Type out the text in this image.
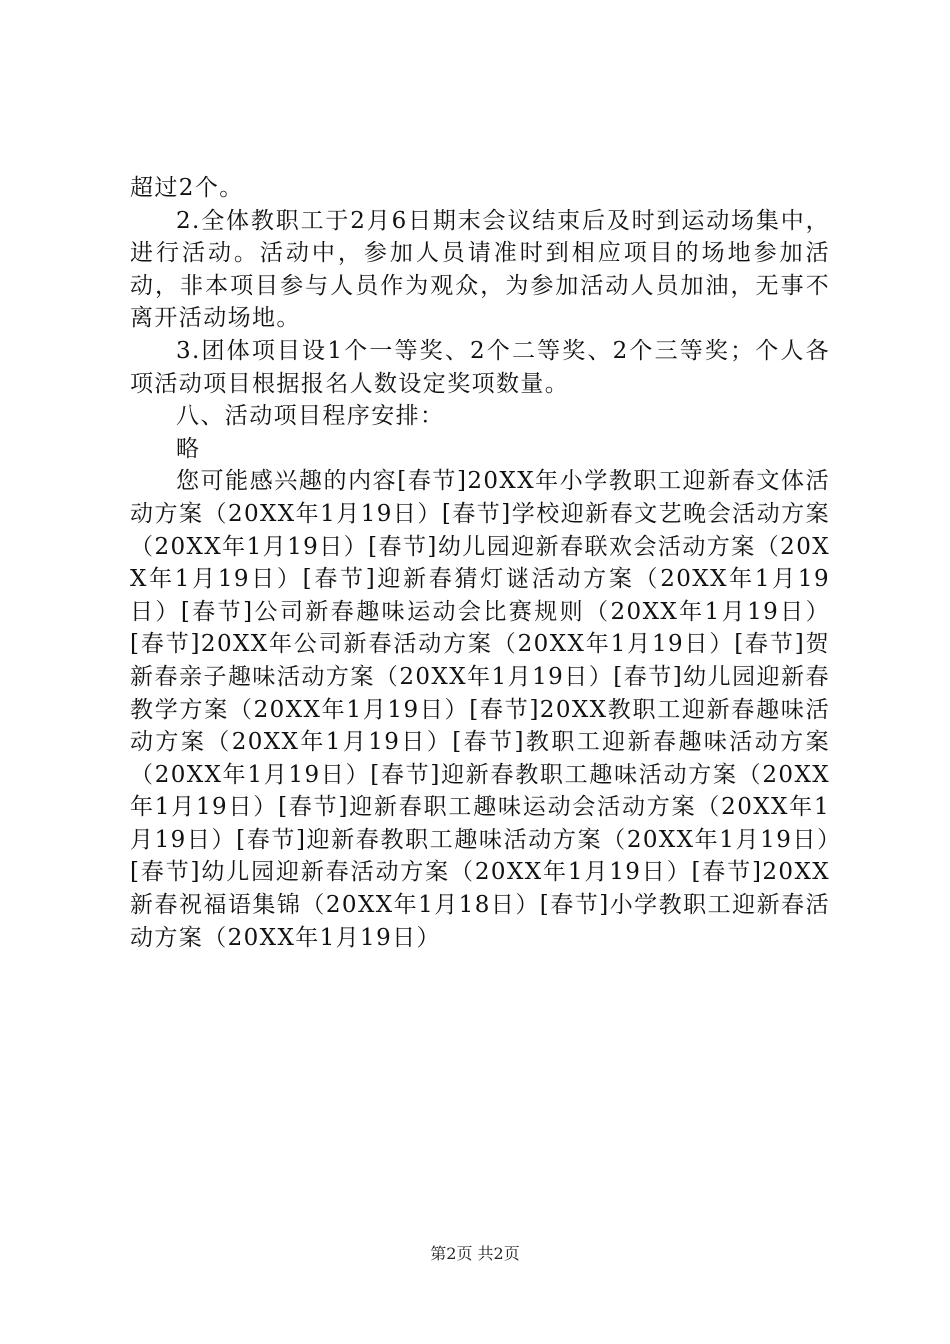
超过2个。

2.全体教职工于2月6日期末会议结束后及时到运动场集中，进行活动。活动中，参加人员请准时到相应项目的场地参加活动，非本项目参与人员作为观众，为参加活动人员加油，无事不离开活动场地。

3.团体项目设1个一等奖、2个二等奖、2个三等奖；个人各项活动项目根据报名人数设定奖项数量。

八、活动项目程序安排：

略

您可能感兴趣的内容[春节]20XX年小学教职工迎新春文体活动方案（20XX年1月19日）[春节]学校迎新春文艺晚会活动方案（20XX年1月19日）[春节]幼儿园迎新春联欢会活动方案（20XX年1月19日）[春节]迎新春猜灯谜活动方案（20XX年1月19日）[春节]公司新春趣味运动会比赛规则（20XX年1月19日）[春节]20XX年公司新春活动方案（20XX年1月19日）[春节]贺新春亲子趣味活动方案（20XX年1月19日）[春节]幼儿园迎新春教学方案（20XX年1月19日）[春节]20XX教职工迎新春趣味活动方案（20XX年1月19日）[春节]教职工迎新春趣味活动方案（20XX年1月19日）[春节]迎新春教职工趣味活动方案（20XX年1月19日）[春节]迎新春职工趣味运动会活动方案（20XX年1月19日）[春节]迎新春教职工趣味活动方案（20XX年1月19日）[春节]幼儿园迎新春活动方案（20XX年1月19日）[春节]20XX新春祝福语集锦（20XX年1月18日）[春节]小学教职工迎新春活动方案（20XX年1月19日）

第2页 共2页
